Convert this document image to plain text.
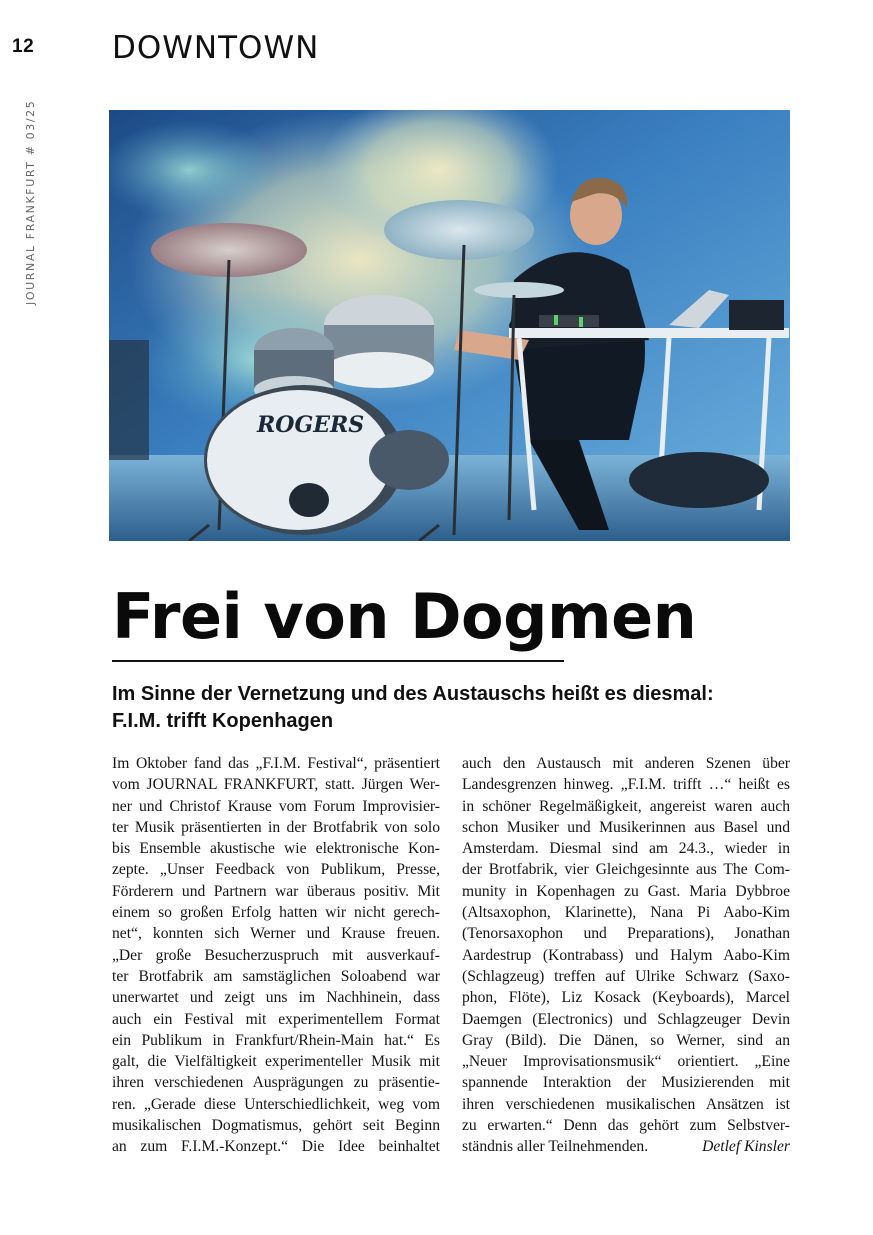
12
JOURNAL FRANKFURT # 03/25
DOWNTOWN
ROGERS
Frei von Dogmen
Im Sinne der Vernetzung und des Austauschs heißt es diesmal:
F.I.M. trifft Kopenhagen
Im Oktober fand das „F.I.M. Festival“, präsentiert
vom JOURNAL FRANKFURT, statt. Jürgen Wer-
ner und Christof Krause vom Forum Improvisier-
ter Musik präsentierten in der Brotfabrik von solo
bis Ensemble akustische wie elektronische Kon-
zepte. „Unser Feedback von Publikum, Presse,
Förderern und Partnern war überaus positiv. Mit
einem so großen Erfolg hatten wir nicht gerech-
net“, konnten sich Werner und Krause freuen.
„Der große Besucherzuspruch mit ausverkauf-
ter Brotfabrik am samstäglichen Soloabend war
unerwartet und zeigt uns im Nachhinein, dass
auch ein Festival mit experimentellem Format
ein Publikum in Frankfurt/Rhein-Main hat.“ Es
galt, die Vielfältigkeit experimenteller Musik mit
ihren verschiedenen Ausprägungen zu präsentie-
ren. „Gerade diese Unterschiedlichkeit, weg vom
musikalischen Dogmatismus, gehört seit Beginn
an zum F.I.M.-Konzept.“ Die Idee beinhaltet
auch den Austausch mit anderen Szenen über
Landesgrenzen hinweg. „F.I.M. trifft …“ heißt es
in schöner Regelmäßigkeit, angereist waren auch
schon Musiker und Musikerinnen aus Basel und
Amsterdam. Diesmal sind am 24.3., wieder in
der Brotfabrik, vier Gleichgesinnte aus The Com-
munity in Kopenhagen zu Gast. Maria Dybbroe
(Altsaxophon, Klarinette), Nana Pi Aabo-Kim
(Tenorsaxophon und Preparations), Jonathan
Aardestrup (Kontrabass) und Halym Aabo-Kim
(Schlagzeug) treffen auf Ulrike Schwarz (Saxo-
phon, Flöte), Liz Kosack (Keyboards), Marcel
Daemgen (Electronics) und Schlagzeuger Devin
Gray (Bild). Die Dänen, so Werner, sind an
„Neuer Improvisationsmusik“ orientiert. „Eine
spannende Interaktion der Musizierenden mit
ihren verschiedenen musikalischen Ansätzen ist
zu erwarten.“ Denn das gehört zum Selbstver-
ständnis aller Teilnehmenden.	Detlef Kinsler
